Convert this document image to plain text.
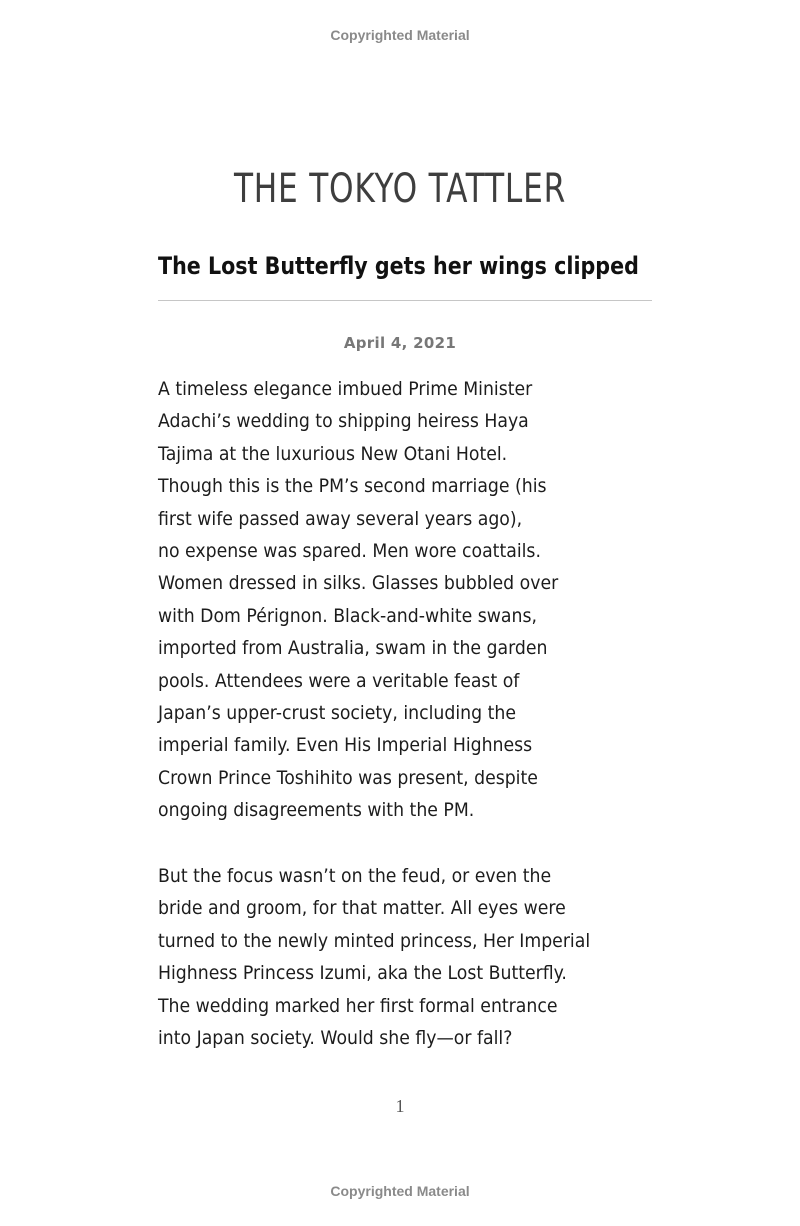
Copyrighted Material
THE TOKYO TATTLER
The Lost Butterfly gets her wings clipped
April 4, 2021
A timeless elegance imbued Prime Minister
Adachi’s wedding to shipping heiress Haya
Tajima at the luxurious New Otani Hotel.
Though this is the PM’s second marriage (his
first wife passed away several years ago),
no expense was spared. Men wore coattails.
Women dressed in silks. Glasses bubbled over
with Dom Pérignon. Black-and-white swans,
imported from Australia, swam in the garden
pools. Attendees were a veritable feast of
Japan’s upper-crust society, including the
imperial family. Even His Imperial Highness
Crown Prince Toshihito was present, despite
ongoing disagreements with the PM.
But the focus wasn’t on the feud, or even the
bride and groom, for that matter. All eyes were
turned to the newly minted princess, Her Imperial
Highness Princess Izumi, aka the Lost Butterfly.
The wedding marked her first formal entrance
into Japan society. Would she fly—or fall?
1
Copyrighted Material
